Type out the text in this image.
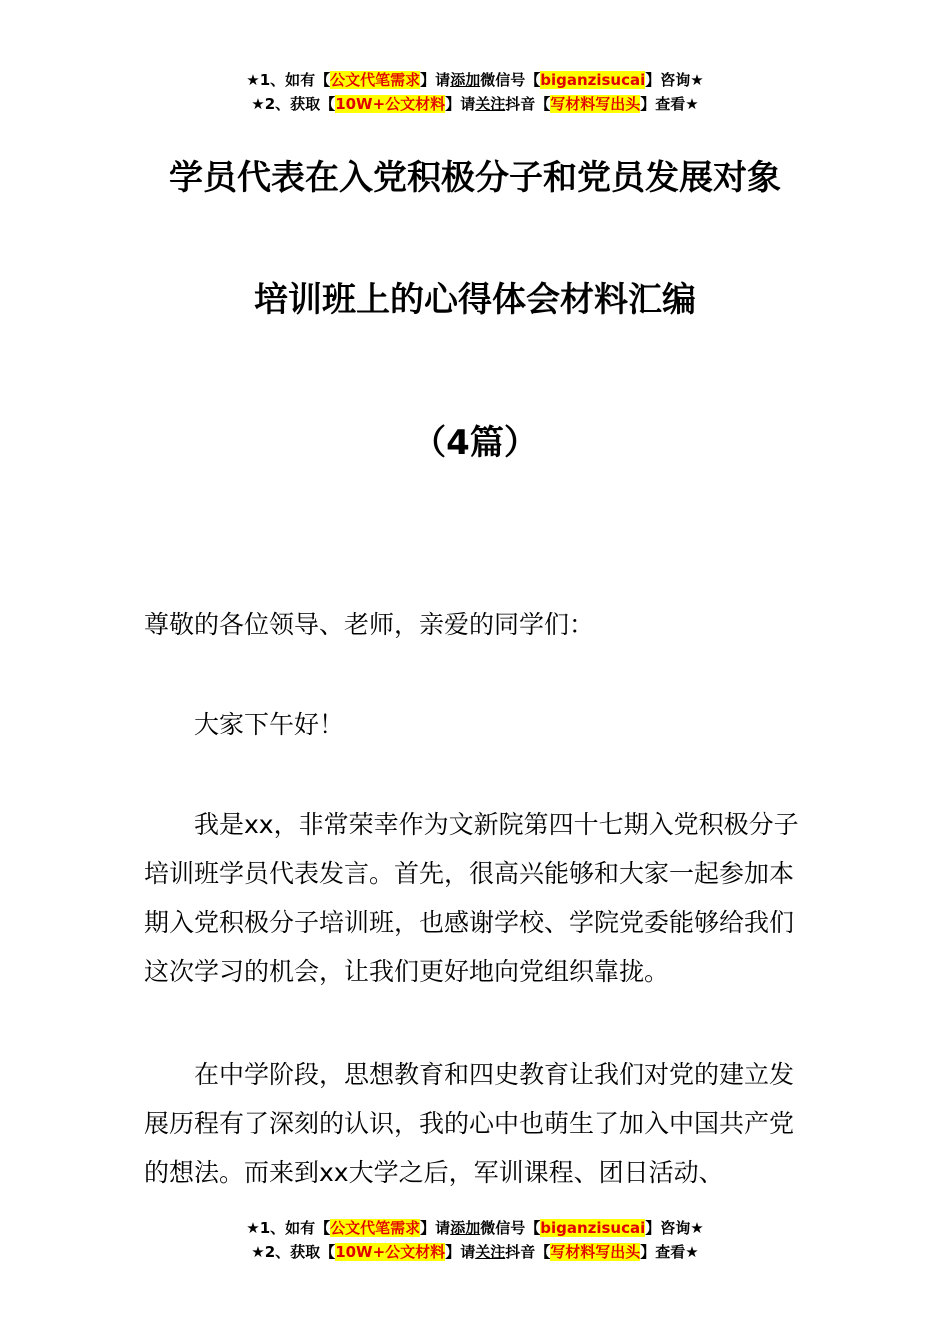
★1、如有【公文代笔需求】请添加微信号【biganzisucai】咨询★
★2、获取【10W+公文材料】请关注抖音【写材料写出头】查看★
学员代表在入党积极分子和党员发展对象
培训班上的心得体会材料汇编
（4篇）

尊敬的各位领导、老师，亲爱的同学们：

大家下午好！

我是xx，非常荣幸作为文新院第四十七期入党积极分子培训班学员代表发言。首先，很高兴能够和大家一起参加本期入党积极分子培训班，也感谢学校、学院党委能够给我们这次学习的机会，让我们更好地向党组织靠拢。

在中学阶段，思想教育和四史教育让我们对党的建立发展历程有了深刻的认识，我的心中也萌生了加入中国共产党的想法。而来到xx大学之后，军训课程、团日活动、

★1、如有【公文代笔需求】请添加微信号【biganzisucai】咨询★
★2、获取【10W+公文材料】请关注抖音【写材料写出头】查看★
